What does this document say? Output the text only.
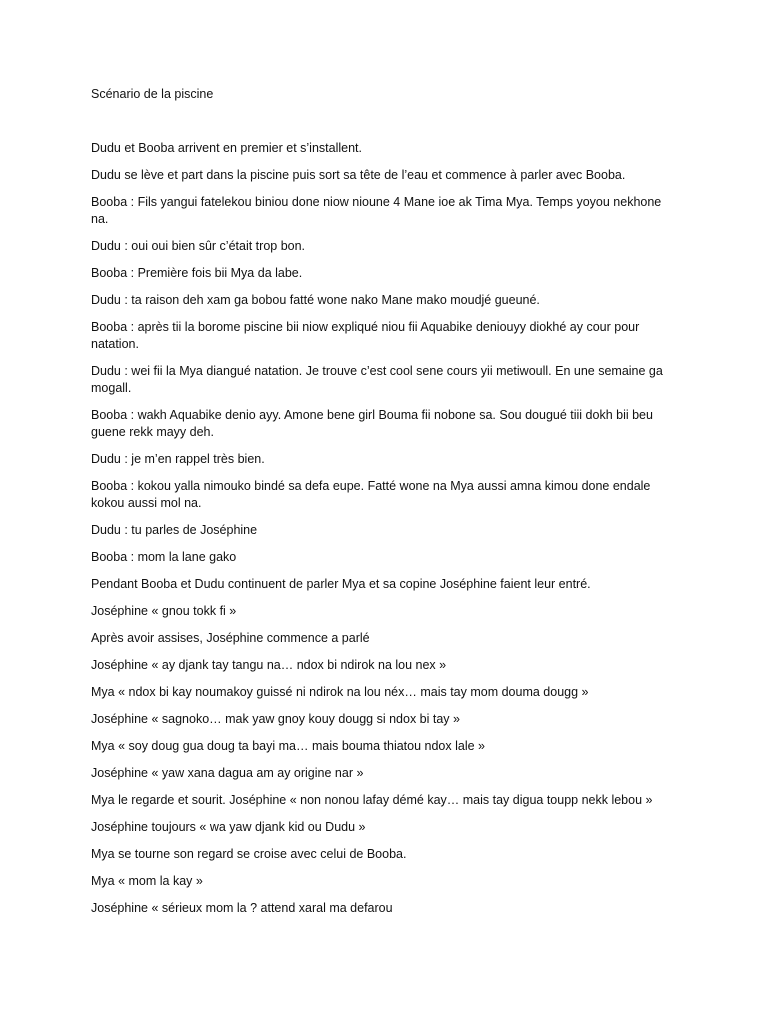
Scénario de la piscine

Dudu et Booba arrivent en premier et s’installent.

Dudu se lève et part dans la piscine puis sort sa tête de l’eau et commence à parler avec Booba.

Booba : Fils yangui fatelekou biniou done niow nioune 4 Mane ioe ak Tima Mya. Temps yoyou nekhone na.

Dudu : oui oui bien sûr c’était trop bon.

Booba : Première fois bii Mya da labe.

Dudu : ta raison deh xam ga bobou fatté wone nako Mane mako moudjé gueuné.

Booba : après tii la borome piscine bii niow expliqué niou fii Aquabike deniouyy diokhé ay cour pour natation.

Dudu : wei fii la Mya diangué natation. Je trouve c’est cool sene cours yii metiwoull. En une semaine ga mogall.

Booba : wakh Aquabike denio ayy. Amone bene girl Bouma fii nobone sa. Sou dougué tiii dokh bii beu guene rekk mayy deh.

Dudu : je m’en rappel très bien.

Booba : kokou yalla nimouko bindé sa defa eupe. Fatté wone na Mya aussi amna kimou done endale kokou aussi mol na.

Dudu : tu parles de Joséphine

Booba : mom la lane gako

Pendant Booba et Dudu continuent de parler Mya et sa copine Joséphine faient leur entré.

Joséphine « gnou tokk fi »

Après avoir assises, Joséphine commence a parlé

Joséphine « ay djank tay tangu na… ndox bi ndirok na lou nex »

Mya « ndox bi kay noumakoy guissé ni ndirok na lou néx… mais tay mom douma dougg »

Joséphine « sagnoko… mak yaw gnoy kouy dougg si ndox bi tay »

Mya « soy doug gua doug ta bayi ma… mais bouma thiatou ndox lale »

Joséphine « yaw xana dagua am ay origine nar »

Mya le regarde et sourit. Joséphine « non nonou lafay démé kay… mais tay digua toupp nekk lebou »

Joséphine toujours « wa yaw djank kid ou Dudu »

Mya se tourne son regard se croise avec celui de Booba.

Mya « mom la kay »

Joséphine « sérieux mom la ? attend xaral ma defarou
